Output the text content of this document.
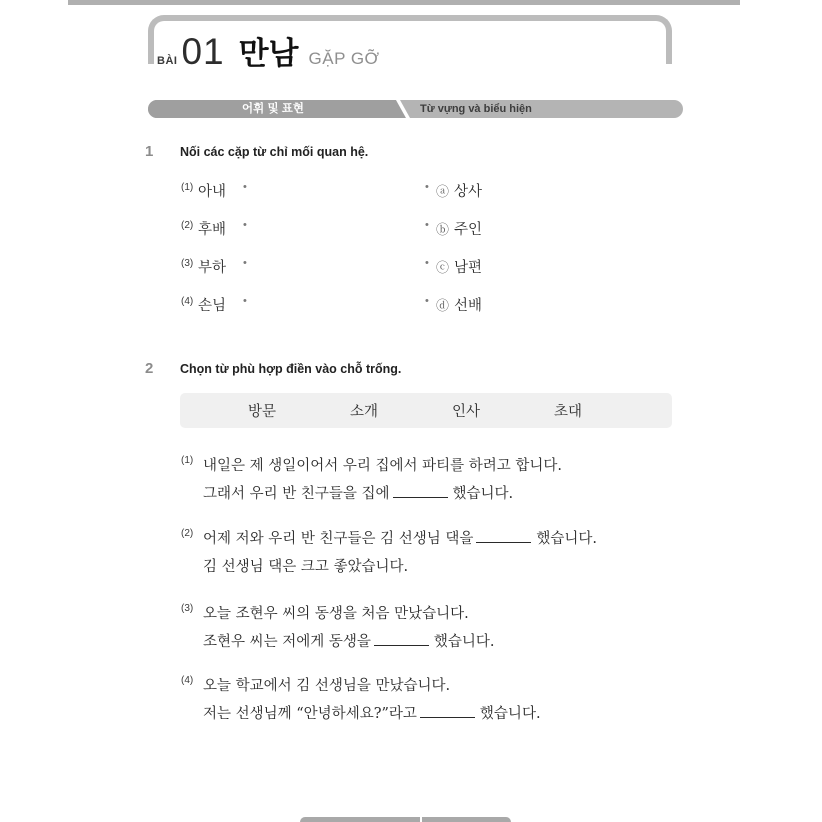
BÀI 01 만남 GẶP GỠ
어휘 및 표현	Từ vựng và biểu hiện
1 Nối các cặp từ chỉ mối quan hệ.
(1) 아내 •	• ⓐ 상사
(2) 후배 •	• ⓑ 주인
(3) 부하 •	• ⓒ 남편
(4) 손님 •	• ⓓ 선배
2 Chọn từ phù hợp điền vào chỗ trống.
방문	소개	인사	초대
(1) 내일은 제 생일이어서 우리 집에서 파티를 하려고 합니다.
그래서 우리 반 친구들을 집에	했습니다.
(2) 어제 저와 우리 반 친구들은 김 선생님 댁을	했습니다.
김 선생님 댁은 크고 좋았습니다.
(3) 오늘 조현우 씨의 동생을 처음 만났습니다.
조현우 씨는 저에게 동생을	했습니다.
(4) 오늘 학교에서 김 선생님을 만났습니다.
저는 선생님께 “안녕하세요?”라고	했습니다.
